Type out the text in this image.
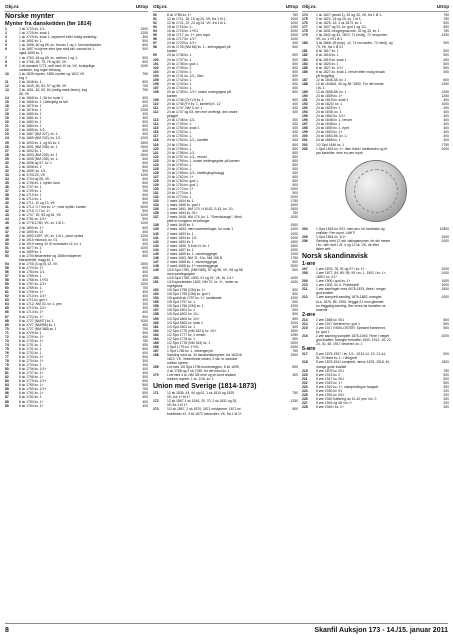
Obj.nr.	Utrop
Norske mynter
Mynter fra dansketiden (før 1814)
1	1 sk 1723 kv. 1/1-	1500
2	1 sk 1725 kv. svak 1	1250
3	1 sk 1729 kv. svak 1, repareert etter rustig amføring	300
4	1 sk 1651 kv. 1-	500
5	1 sk 1658, 60 og 65, kv. hvorav 1 og 1, kon kantskader	600
6	1 sk 1657 m kjerne eller lyse skrå tall, variant lot 1	500
også 1655 kv. 1
7	1 sk 1763, 64 og 65, kv. mellom 1 og 1-	500
8	1 sk 1768, 69, 75, 76 og 80, VK	500
9	1 sk dansket 1771, sett med 10 sk, VK, forskjellige	1000
varianter, kvg ingen fritsang
10	1 sk 1835 mynter, 1850 mynter og 1812 VK	750
kvg 1
11	2 sk 1648 kv. 1-	500
12	2 sk 1649, 50, 54, 57 og 58, VK	750
13	2 sk 1651, 62, 63, 64 (mulig mørk fasen), kvg	750
58, VK
14	2 sk 1668 kv. 1, 56 kv. svak 1	400
15	2 sk 1668 kv. 1, Uleksjelig sk tall	500
16	2 sk 1670 kv. 1	400
17	2 sk 1678 kv. 1	1250
18	2 sk 1680 kv. 1	400
19	2 sk 1681 kv. 1	300
20	2 sk 1682 kv. 1	500
21	2 sk 1684 kv. 1	600
22	2 sk 1685 kv. 1/1-	600
23	2 sk 1687 (NM 227), kv. 1-	300
24	2 sk 1689 (NM 232), kv. 1/1-	1000
25	2 sk 1690 kv. 1, og 64 kv. 1	1500
26	2 sk 1691 (NM 236), kv. 1	1500
27	2 sk 1692 kv. 1	600
28	2 sk 1693 (NM 239), kv. 1	1500
29	2 sk 1695 (NM 238), kv. 1-	500
30	2 sk 1696 og 97, kv. 1	500
31	2 sk 1698 kv. 1	500
32	2 sk 1699, kv. 1/1-	500
33	2 sk 1700-20, VK	1250
34	2 sk 1704 og 05, VK	600
35	2 sk 1706 kv. 1, sjelen kant	500
36	2 sk 1707 kv. 1	500
37	2 sk 1709 kv. 1	750
38	2 sk 1710 kv. 1	500
39	2 sk 1712 kv. 1	500
40	2 sk 1711, 12 og 13, VK	500
41	2 sk 1714, 0-7 mk kv. 1+, med språk i kanten	3000
42	2 sk 1715, 0-7 kv. 1+	500
43	2 sk 1747, 52, 53 og 54, VK	1000
44	2 sk 1781 kv. 1/1+	500
45	2 sk 1778-1780, VK, kv. 1 til 1-	1000
46	2 sk 1690 kv. 1+	500
47	2 sk 1690 kv. 01	400
48	2 sk 1690-1697, VK, kv. 1 til 1, pene nydes	1250
49	2 sk 1910 mikrova, kv. 01	500
50	2 sk 1910 mnng 10 IO mincaster x2, kv. 1	400
51	4 sk 1677 kv. 1	1000
52	4 sk 1699 kv. 1	400
53	4 sk 1700 tilnaertetne og 1808 m/skjerner	500
blandetellet, bagg kv. 1
54	8 sk 1705 (3 og 6) 13, VK	1500
55	8 sk 1723 kv. 1+	500
56	8 sk 1784 kv. 1/1-	400
57	8 sk 1785 kv. 1	450
58	8 sk 1786 kv. 1+/01	500
59	8 sk 1787 kv. 1/1+	1000
60	8 sk 1789 kv. 1	750
61	8 sk 1706 kv. 1+	400
62	8 sk 1710 kv. 1/1+	400
63	8 sk 1711 kv. gml 1	300
64	8 sk 1712, NM 33, kv. 1, pen	300
65	8 sk 1712 kv. 1/1+	300
66	8 sk 1714 kv. 1+	400
67	8 sk 1722 kv. 1+	500
68	8 sk 1727 (NM37) kv. 1	1000
69	8 sk 1727 (NM38b) kv. 1	450
70	8 sk 1727 (NM 388) kv. 1	750
71	8 sk 1729 kv. 1	500
72	8 sk 1729 kv. 1+	450
73	8 sk 1730 kv. 1+	750
74	8 sk 1731 kv. 1	450
75	8 sk 1731 kv. 1	500
76	8 sk 1732 kv. 1	400
77	8 sk 1733 kv. 1+	500
78	8 sk 1734 kv. 1+	300
79	8 sk 1734 kv. 1	300
80	8 sk 1736 kv. 1/1+	400
81	8 sk 1737 kv. 1+	400
82	8 sk 1758 kv. 1+	300
83	8 sk 1779 kv. 1/1+	600
84	8 sk 1780 kv. 1+	500
85	8 sk 1780 kv. 1/1+	750
86	8 sk 1781 kv. 1+	500
87	8 sk 1782 kv. 1	400
88	8 sk 1783 kv. 1+	400
89	8 sk 1784 kv. 1+	400
Obj.nr.	Utrop
90	8 sk 1785 kv. 1+	750
91	12 sk 1711, 18, 19 og 20, VK, fra 1 til 1-	1000
92	12 sk 1721, 22, 23 og 24, VK, fra 1 til 1-	1000
93	16 sk 1715 kv. 1-	1250
94	16 sk 1715 kv. 1+/01	2000
95	16 sk 1717, kv. 1+, pen mynt	1500
96	16 sk 1717 kv. 1/1+	1000
97	24 sk 1723 kv. 1/1+	400
98	24 sk 1725 (NM 68) kv. 1-, sirlengagsel på	500
kanten
99	24 sk 1736 kv. 1	500
100	24 sk 1737 kv. 1	500
101	24 sk 1738 kv. god 1	500
102	24 sk 1739 kv. 1	600
103	24 sk 1740 kv. 1	500
104	24 sk 1741 kv. 1/1-, liten	500
105	24 sk 1742 kv. 1	500
106	24 sk 1743 kv. 1	500
107	24 sk 1744 kv. 1	400
108	24 sk 1745 kv. 1/1+, svake ordregngest på	500
kanten
109	24 sk 1746 (CH VI) kv. 1	500
110	24 sk 1746 (FV kv. 1, kantfeil) K. 12	400
111	24 sk 1747, NM 3, kv. 1	400
112	24 sk 1747 og 53, den ene amfengt, den andre	400
plugget
113	24 sk 1748 kv. 1/1-	300
114	24 sk 1749 kv. 1	300
115	24 sk 1750 kv. svak 1	400
116	24 sk 1752 kv. 1	400
117	24 sk 1753 kv. 1	400
118	24 sk 1754 kv. 1/1-, kantfeil	300
119	24 sk 1755 kv. 1	500
120	24 sk 1756 kv. 1	500
121	24 sk 1758 kv. 1/1-	500
122	24 sk 1757 kv. 1/1-, renset	500
123	24 sk 1759 kv. 1, svake amfengegsler på kanten	500
124	24 sk 1760 kv. 1	500
125	24 sk 1763 kv. 1	500
126	24 sk 1765 kv. 1/1-, stafferging/bologg	400
127	24 sk 1762 kv. 1+	600
128	24 sk 1763 kv. god 1	600
129	24 sk 1764 kv. god 1	500
130	24 sk 1772 kv. 1+	2000
131	24 sk 1773 kv. 1	500
132	24 sk 1774 kv. 1	2000
133	1 mark 1644 kv. 1	1750
134	1 mark 1666 kv. god 1	1500
135	1 mark 1661, NM 170, H.M.62, S.43, kv. 1/1-	1500
136	1 mark 1663 kv. 01+	750
137	2 mark 1648, NM 174, kv. 1, "Sverdskaugir", Mork	1000
plett er muligens et kolboger
138	2 mark 1649 kv. 1	1500
139	2 mark 1653, med sammenlinger, kv. svak 1	1000
140	2 mark 1653 kv. 1	1000
141	2 mark 1654 kv. 1/1-	1000
142	2 mark 1654 kv. 1	1500
143	2 mark 1655, S.64a VI, kv. 1	1500
144	2 mark 1657 kv. 1	1500
145	2 mark 1665 kv. 1, murerlaggegsl	1000
146	2 mark 1663, NM 21, 5 kr, NM 158 B	1750
147	2 mark 1665 kv. 1, murerlaggegsl	500
148	2 mark 1668 kv. 1+ murerlaggegsl	3000
149	1/15 Spd 1780, (NM7488), 57 og 98, VK, 05 og 58	500
med samlingsgsler
150	1/15 Spd 1785, 1800, 01 og 02, VK, kv. 1/1+	1000
151	1/15 speciedaler 1502, NM 72, kv. 1+, rester av	1000
myntglans
152	1/5 Spd 1796 (GM) kv. 1+	500
153	1/5 Spd 1795 (GM) kv. god 1	500
154	1/5 spd/dl sk 1797 kv. 1+, kantskade	1000
155	1/5 Spd 1797 kv. 1	500
156	1/5 Spd 1796 (GM) kv. 1	1000
157	1/5 Spd 1801 kv. 1	500
158	1/5 Spd 1802 kv. 1/1-	500
159	1/3 Spd 1800 kv. 1/1+	500
160	1/3 Spd 1800 kv. svak 1	1000
161	1/3 Spd 1801 kv. 1	500
162	1/2 Spd 1776 (NM 1621) kv. 1/1+	1500
163	1/2 Spd 1777 kv. 1 renset	1250
164	1/2 Spd 1778 kv. 1	500
165	1/2 Spd 1778 (NM 154) kv. 1	2000
166	1 Spd 1776 kv. 1+/01	2000
167	1 Spd 1786 kv. 1, ortsengmynt	750
168	Samling med ca. 40 dansketidsmynter, fra 1624 til	1500
1813, VK. Vesentlinde utsted, 2 stk. er dansket
mellan nynner
169	Lot med 1/5 Spd 1796 knurterleggon, 8 sk 1699,	800
4 sk 1788 og 2 sk 1785, for del mest kv. 1
170	Lott med 4 st. NM 3/5 ovre og en turst andanri	400
mellom mynter, 1 st. 1/15, kv. 1
Union med Sverige (1814-1873)
171	12 sk 1836, 43, 44 og 61, 1 sk 1810 og 1825	750
VK, fra 1+ til 1+
172	12 sk 1867 1 sk 1816, 20, 70, 2 sk 1811 og 25,	1250
VK fra 1 til 1+
173	1/2 sk 1867, 2 sk 1870, 1871 m/skjemer, 1671 m/	500
kvadfriser x2, 3 sk 1872 m/mrcdler, VK, fra 1 til 1+
Obj.nr.	Utrop
174	1 sk 1827 (small 1), 32 og 33, VK, fra 1 til 1-	750
175	2 sk 1822, 24 og 25, kv. 1 til 1-	750
176	2 sk 1825, 42, 1 sk 1873, kv. 1	500
177	1 sk 1827 og 20, kv. god 1 og 1/1-	500
178	2 sk 1831 mrcgregnas tolk, 32 og 33, kv. 1	750
179	2 sk 1842 og 43, 1870, 71 (mivlj), 72 mrcyonter,	1250
VK, kv. 1+/01 til 1
180	3 sk 1868, 69 (mtp), x2, 72 mrcosdler, 72 mtnlj), og	900
73, VK, fra 1 til 01
181	8 sk 1817 kv. 1	500
182	8 sk 1818 kv. 1	500
183	8 sk 1819 kv. svak 1	400
184	8 sk 1825 kv. 1	500
185	8 sk 1827 kv. 1/1+	500
186	8 sk 1827 kv. svak 1, renset etter mulig forsøk	400
på forgylling
187	12 sk 1845-48, kv. 1	600
188	12 sk 1845x3, 49 og 38 "1852, For del meste	1250
i kv. 1
189	12 sk 1858-58, kv. 1	1250
190	24 sk 1855 kv. 1+	1250
191	24 sk 1819 kv. svak 1	400
192	24 sk 1823 i kv. 1	1000
193	24 sk 1825 kv. 1	400
194	24 sk 1848, kv. 1	400
195	24 sk 1862 kv. 1/1+	400
196	24 sk 1848 kv. 1, renset	400
197	24 sk 1848 kv. 1	400
198	24 sk 1850 kv. 1, ripet	400
199	24 sk 1853 kv. 1+	400
200	24 sk 1854-55, kv. 1-	400
201	24 sk 1865 kv. 1	400
202	1/2 Spd 1846 kv. 1	1750
203	1 Spd 1824 kv. 1+, liten hakk i kantkanten og et	2000
par kantriller, men en pen mynt
204	1 Spd 1825 kv. 001, med ørn, for kanthakk og	12500
smikker. Pen mynt. LIMIT!
205	1 Spd 1844 kv. 1/1+	1500
206	Samling med 12 stk. dalingsmynter, for del meste	1000
i kv., den dytt 1 Ø. 4 og 12 sk. VK, de eller
listen sett
Norsk skandinavisk
1-øre
207	1 øre 1876, 78, 91 og 97 i kv. 1+	1000
208	1 øre 1877, 84, 89, 95, 99 i kv. 1, 1902 i kv. 1+,	1000
1890 i kv. 01?
209	1 øre 1900 i god kv. 1+	1000
210	1 øre 1902, kv. 0, Praktmynt!	1000
211	1 øre samlinger med 4076-1875, fleire i meget	1500
god kvalitet
212	1 øre komplett samling 1876-1882, mangler	1000
bl.a. 1876, 85, 1905. Veggjø 21 mnn glimmet
en fraggalig samling. Ber lenes da landelen ve
lowentil
2-øre
213	2 øre 1868 kv. 001	500
214	2 øre 1917 dekteret kv. god 1	500
215	2 øre 1917 EN/KLOSTER. Spesielt framhevet,	500
kv. god 1
216	2 øre samling komplett 1876-1945. Flere i meget	2000
god kvalitet. Mangler tretrallen 1900, 1912, 15, 22,
23, 30, 48, 1917 dekteret, kv. 1
5-øre
217	5 øre 1875-1907 i kv. 1/1-, 1913-14, 19, 21-44,	500
51-70 blant kv. 1- i Ørkgrett
218	5 øre 1875-1941 komplett, minus 1876, 1918, 40,	1500
mange gode kvalitet
219	5 øre 1875 kv. 001	750
220	5 øre 1913 kv. 0	500
221	5 øre 1917 kv. 001	500
222	5 øre 1919 kv. 1+	500
223	5 øre 1919 kv. 1+, stampvelingoe fangoet	300
224	5 øre 1930 kv. 01	200
225	5 øre 1931 kv. 001	200
226	5 øre 1940 hallering av 41-42 pen i kv. 0	300
227	5 øre 1943 og 48 i kv. 0	200
228	5 øre 1945 i kv. 1+	300
8	Skanfil Auksjon 173 - 14./15. januar 2011
